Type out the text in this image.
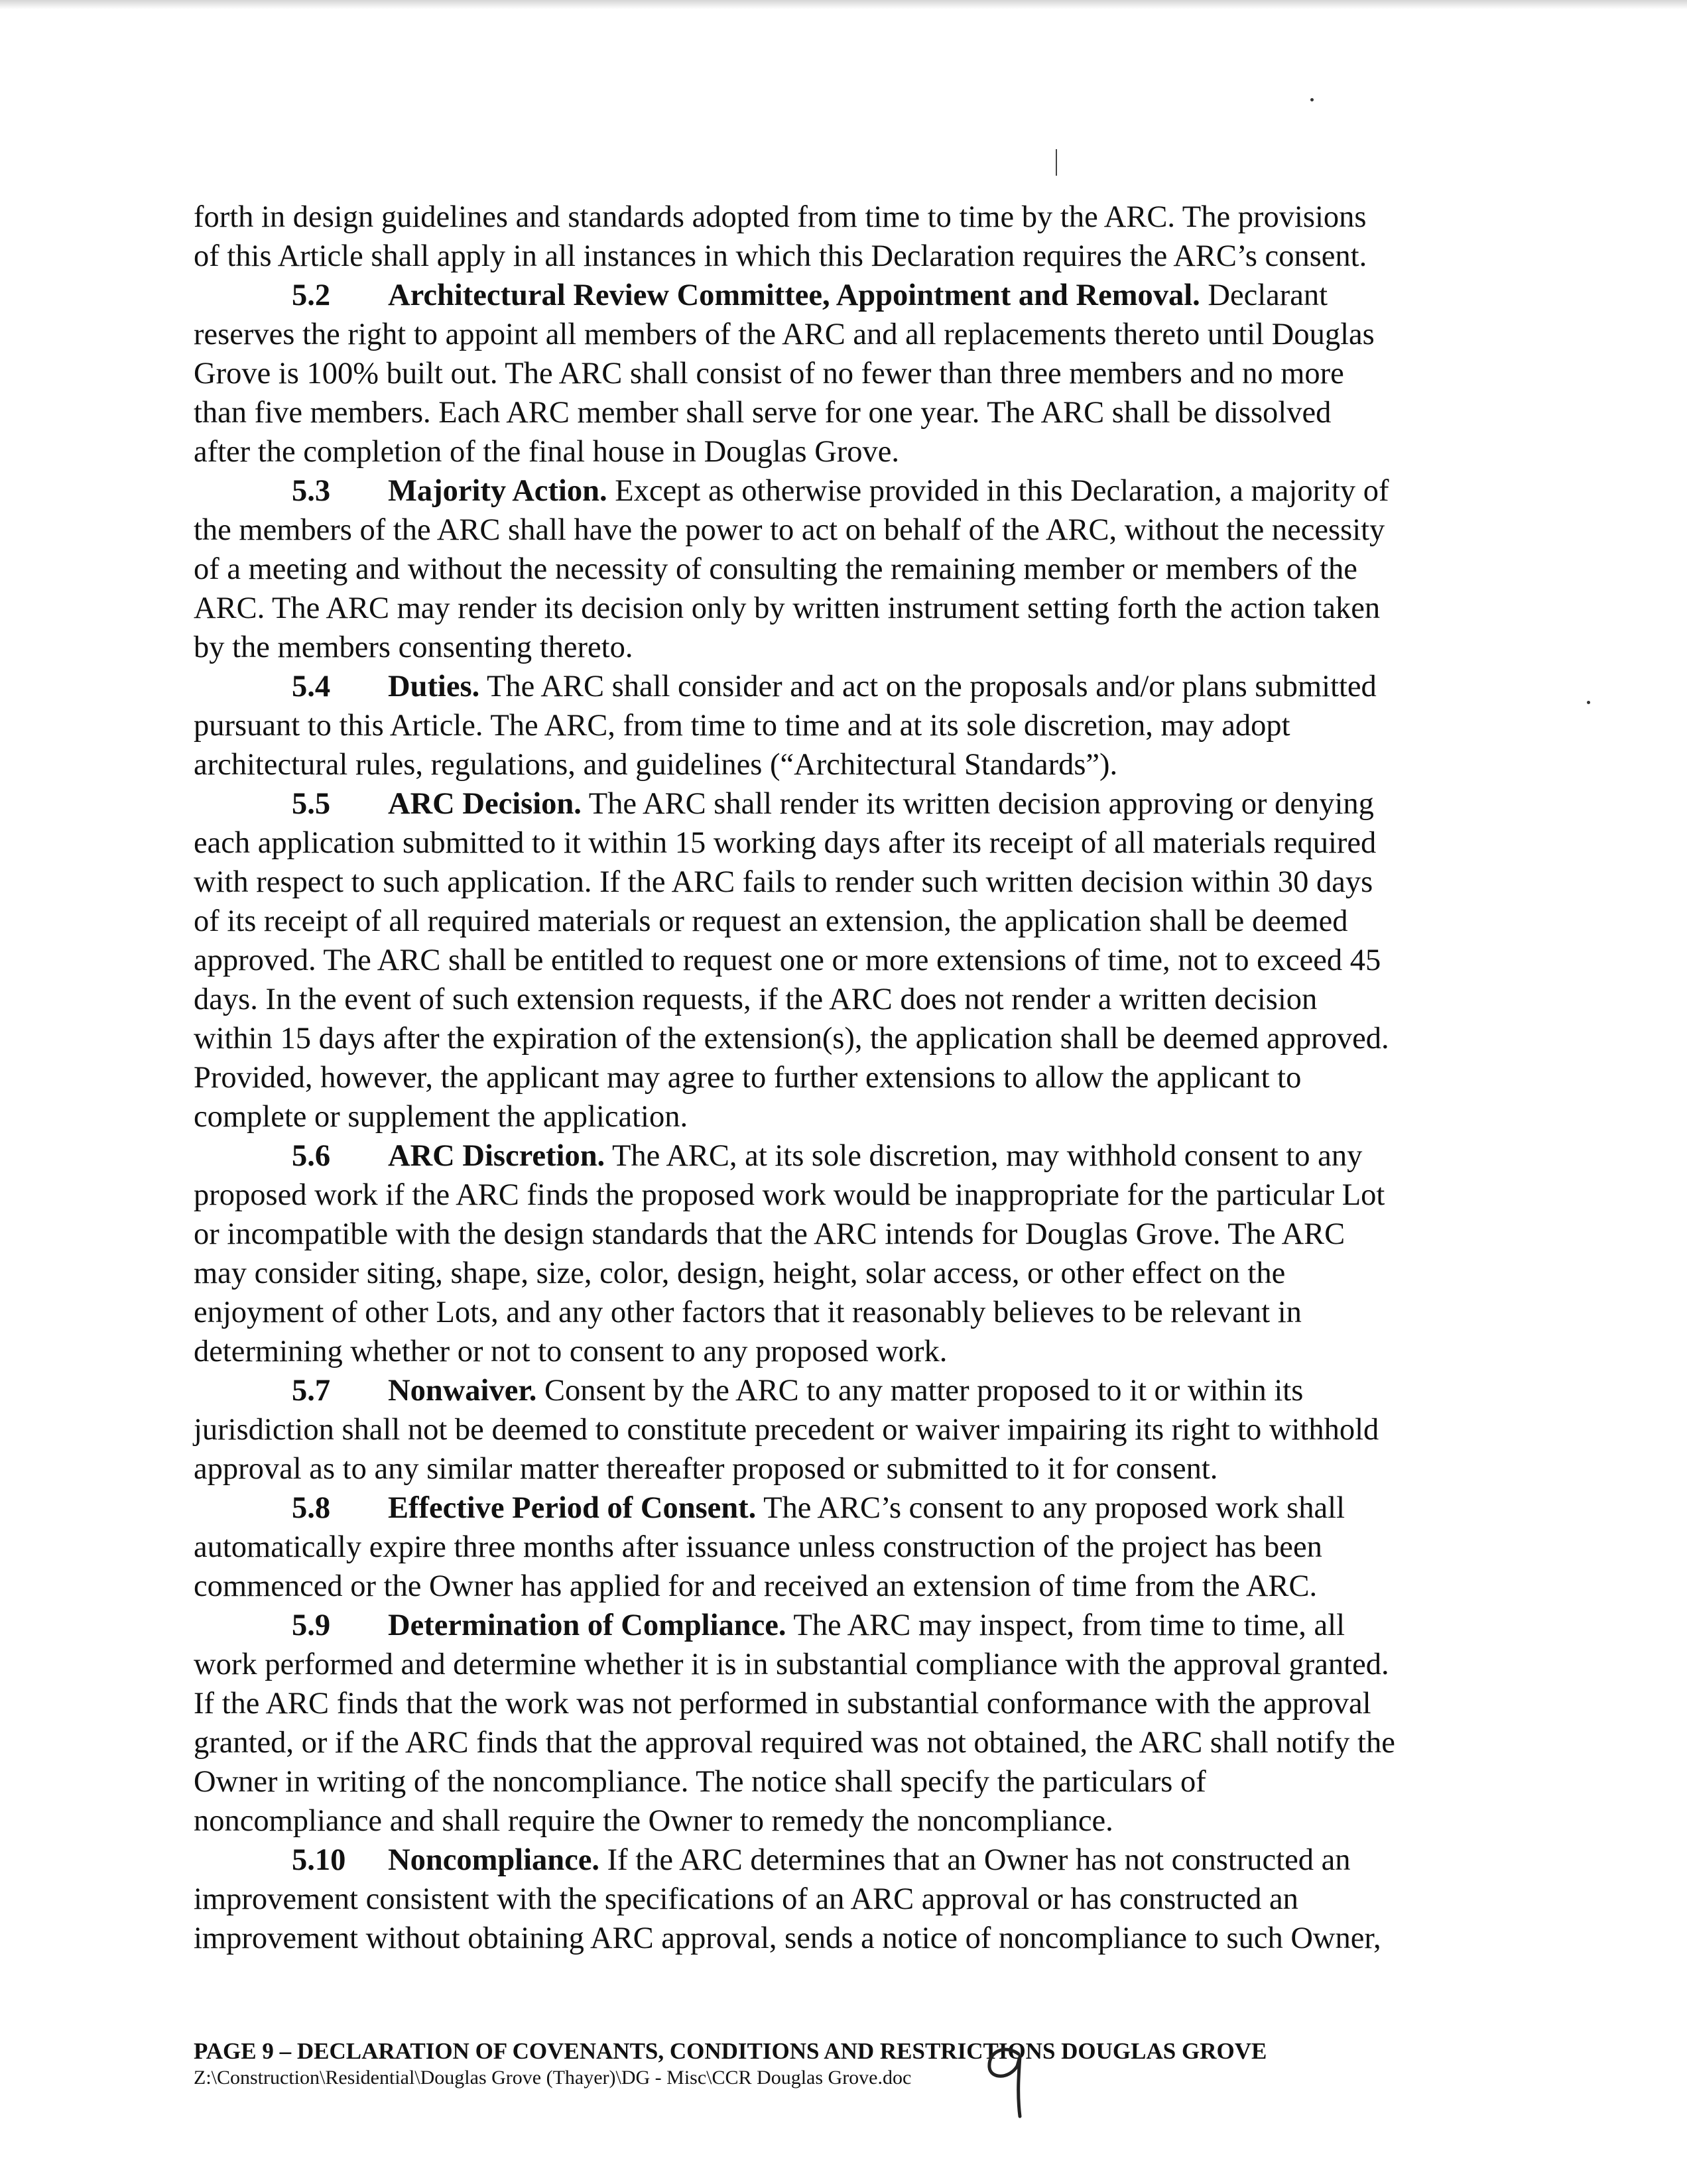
forth in design guidelines and standards adopted from time to time by the ARC. The provisions
of this Article shall apply in all instances in which this Declaration requires the ARC’s consent.
5.2 Architectural Review Committee, Appointment and Removal. Declarant
reserves the right to appoint all members of the ARC and all replacements thereto until Douglas
Grove is 100% built out. The ARC shall consist of no fewer than three members and no more
than five members. Each ARC member shall serve for one year. The ARC shall be dissolved
after the completion of the final house in Douglas Grove.
5.3 Majority Action. Except as otherwise provided in this Declaration, a majority of
the members of the ARC shall have the power to act on behalf of the ARC, without the necessity
of a meeting and without the necessity of consulting the remaining member or members of the
ARC. The ARC may render its decision only by written instrument setting forth the action taken
by the members consenting thereto.
5.4 Duties. The ARC shall consider and act on the proposals and/or plans submitted
pursuant to this Article. The ARC, from time to time and at its sole discretion, may adopt
architectural rules, regulations, and guidelines (“Architectural Standards”).
5.5 ARC Decision. The ARC shall render its written decision approving or denying
each application submitted to it within 15 working days after its receipt of all materials required
with respect to such application. If the ARC fails to render such written decision within 30 days
of its receipt of all required materials or request an extension, the application shall be deemed
approved. The ARC shall be entitled to request one or more extensions of time, not to exceed 45
days. In the event of such extension requests, if the ARC does not render a written decision
within 15 days after the expiration of the extension(s), the application shall be deemed approved.
Provided, however, the applicant may agree to further extensions to allow the applicant to
complete or supplement the application.
5.6 ARC Discretion. The ARC, at its sole discretion, may withhold consent to any
proposed work if the ARC finds the proposed work would be inappropriate for the particular Lot
or incompatible with the design standards that the ARC intends for Douglas Grove. The ARC
may consider siting, shape, size, color, design, height, solar access, or other effect on the
enjoyment of other Lots, and any other factors that it reasonably believes to be relevant in
determining whether or not to consent to any proposed work.
5.7 Nonwaiver. Consent by the ARC to any matter proposed to it or within its
jurisdiction shall not be deemed to constitute precedent or waiver impairing its right to withhold
approval as to any similar matter thereafter proposed or submitted to it for consent.
5.8 Effective Period of Consent. The ARC’s consent to any proposed work shall
automatically expire three months after issuance unless construction of the project has been
commenced or the Owner has applied for and received an extension of time from the ARC.
5.9 Determination of Compliance. The ARC may inspect, from time to time, all
work performed and determine whether it is in substantial compliance with the approval granted.
If the ARC finds that the work was not performed in substantial conformance with the approval
granted, or if the ARC finds that the approval required was not obtained, the ARC shall notify the
Owner in writing of the noncompliance. The notice shall specify the particulars of
noncompliance and shall require the Owner to remedy the noncompliance.
5.10 Noncompliance. If the ARC determines that an Owner has not constructed an
improvement consistent with the specifications of an ARC approval or has constructed an
improvement without obtaining ARC approval, sends a notice of noncompliance to such Owner,
PAGE 9 – DECLARATION OF COVENANTS, CONDITIONS AND RESTRICTIONS DOUGLAS GROVE
Z:\Construction\Residential\Douglas Grove (Thayer)\DG - Misc\CCR Douglas Grove.doc
